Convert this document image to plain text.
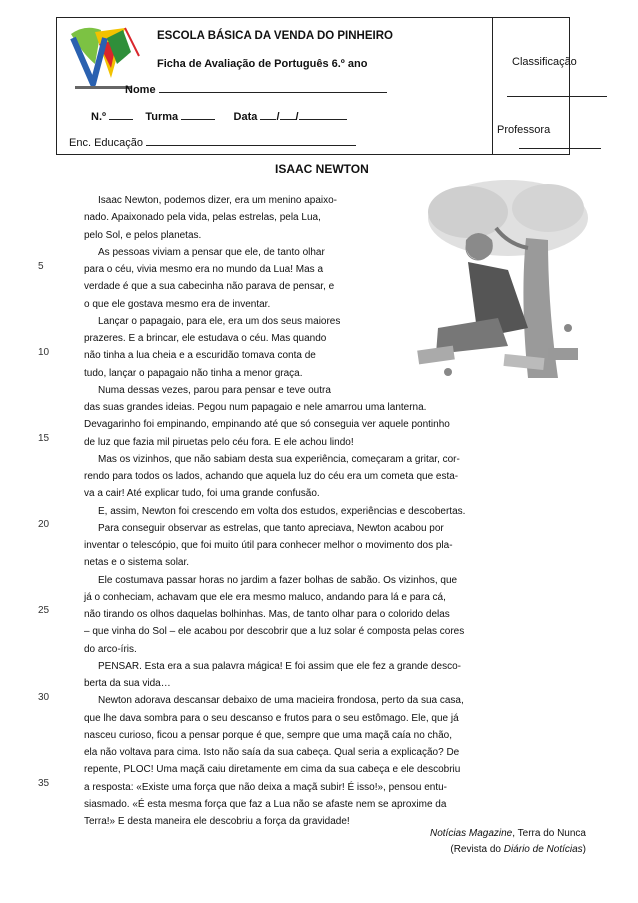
ESCOLA BÁSICA DA VENDA DO PINHEIRO
Ficha de Avaliação de Português 6.º ano
Nome
N.º	Turma	Data / /
Enc. Educação
Classificação
Professora
ISAAC NEWTON
5
10
15
20
25
30
35
Isaac Newton, podemos dizer, era um menino apaixo-
nado. Apaixonado pela vida, pelas estrelas, pela Lua,
pelo Sol, e pelos planetas.
As pessoas viviam a pensar que ele, de tanto olhar
para o céu, vivia mesmo era no mundo da Lua! Mas a
verdade é que a sua cabecinha não parava de pensar, e
o que ele gostava mesmo era de inventar.
Lançar o papagaio, para ele, era um dos seus maiores
prazeres. E a brincar, ele estudava o céu. Mas quando
não tinha a lua cheia e a escuridão tomava conta de
tudo, lançar o papagaio não tinha a menor graça.
Numa dessas vezes, parou para pensar e teve outra
das suas grandes ideias. Pegou num papagaio e nele amarrou uma lanterna.
Devagarinho foi empinando, empinando até que só conseguia ver aquele pontinho
de luz que fazia mil piruetas pelo céu fora. E ele achou lindo!
Mas os vizinhos, que não sabiam desta sua experiência, começaram a gritar, cor-
rendo para todos os lados, achando que aquela luz do céu era um cometa que esta-
va a cair! Até explicar tudo, foi uma grande confusão.
E, assim, Newton foi crescendo em volta dos estudos, experiências e descobertas.
Para conseguir observar as estrelas, que tanto apreciava, Newton acabou por
inventar o telescópio, que foi muito útil para conhecer melhor o movimento dos pla-
netas e o sistema solar.
Ele costumava passar horas no jardim a fazer bolhas de sabão. Os vizinhos, que
já o conheciam, achavam que ele era mesmo maluco, andando para lá e para cá,
não tirando os olhos daquelas bolhinhas. Mas, de tanto olhar para o colorido delas
– que vinha do Sol – ele acabou por descobrir que a luz solar é composta pelas cores
do arco-íris.
PENSAR. Esta era a sua palavra mágica! E foi assim que ele fez a grande desco-
berta da sua vida…
Newton adorava descansar debaixo de uma macieira frondosa, perto da sua casa,
que lhe dava sombra para o seu descanso e frutos para o seu estômago. Ele, que já
nasceu curioso, ficou a pensar porque é que, sempre que uma maçã caía no chão,
ela não voltava para cima. Isto não saía da sua cabeça. Qual seria a explicação? De
repente, PLOC! Uma maçã caiu diretamente em cima da sua cabeça e ele descobriu
a resposta: «Existe uma força que não deixa a maçã subir! É isso!», pensou entu-
siasmado. «É esta mesma força que faz a Lua não se afaste nem se aproxime da
Terra!» E desta maneira ele descobriu a força da gravidade!
Notícias Magazine, Terra do Nunca
(Revista do Diário de Notícias)
